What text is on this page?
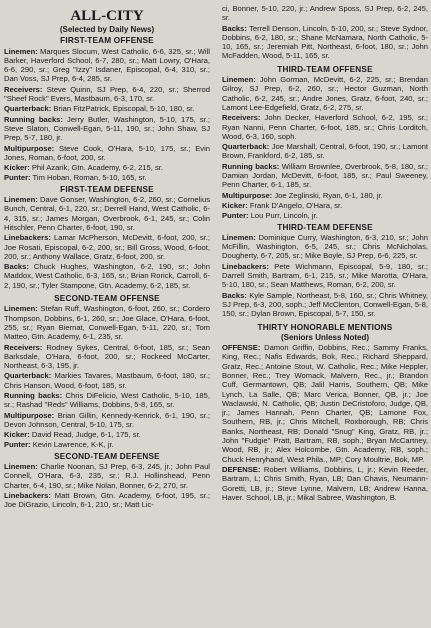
ALL-CITY
(Selected by Daily News)
FIRST-TEAM OFFENSE

Linemen: Marques Slocum, West Catholic, 6-6, 325, sr.; Will Barker, Haverford School, 6-7, 280, sr.; Matt Lowry, O'Hara, 6-6, 290, sr.; Greg "Izzy" Isdaner, Episcopal, 6-4, 310, sr.; Dan Voss, SJ Prep, 6-4, 285, sr.

Receivers: Steve Quinn, SJ Prep, 6-4, 220, sr.; Sherrod "Sheef Rock" Evers, Mastbaum, 6-3, 170, sr.

Quarterback: Brian FitzPatrick, Episcopal, 5-10, 180, sr.

Running backs: Jerry Butler, Washington, 5-10, 175, sr.; Steve Slaton, Conwell-Egan, 5-11, 190, sr.; John Shaw, SJ Prep, 5-7, 180, jr.

Multipurpose: Steve Cook, O'Hara, 5-10, 175, sr.; Evin Jones, Roman, 6-foot, 200, sr.

Kicker: Phil Azarik, Gtn. Academy, 6-2, 215, sr.

Punter: Tim Hoban, Roman, 5-10, 165, sr.

FIRST-TEAM DEFENSE

Linemen: Dave Gonser, Washington, 6-2, 260, sr.; Cornelius Bunch, Central, 6-1, 220, sr.; Derrell Hand, West Catholic, 6-4, 315, sr.; James Morgan, Overbrook, 6-1, 245, sr.; Colin Hitschler, Penn Charter, 6-foot, 190, sr.

Linebackers: Lamar McPherson, McDevitt, 6-foot, 200, sr.; Joe Rosati, Episcopal, 6-2, 200, sr.; Bill Gross, Wood, 6-foot, 200, sr.; Anthony Wallace, Gratz, 6-foot, 200, sr.

Backs: Chuck Hughes, Washington, 6-2, 190, sr.; John Maddox, West Catholic, 6-3, 165, sr.; Brian Rorick, Carroll, 6-2, 190, sr.; Tyler Stampone, Gtn. Academy, 6-2, 185, sr.

SECOND-TEAM OFFENSE

Linemen: Stefan Ruff, Washington, 6-foot, 260, sr.; Cordero Thompson, Dobbins, 6-1, 260, sr.; Joe Glace, O'Hara, 6-foot, 255, sr.; Ryan Biernat, Conwell-Egan, 5-11, 220, sr.; Tom Matteo, Gtn. Academy, 6-1, 235, sr.

Receivers: Rodney Sykes, Central, 6-foot, 185, sr.; Sean Barksdale, O'Hara, 6-foot, 200, sr.; Rockeed McCarter, Northeast, 6-3, 195, jr.

Quarterback: Markies Tavares, Mastbaum, 6-foot, 180, sr.; Chris Hanson, Wood, 6-foot, 185, sr.

Running backs: Chris DiFelicio, West Catholic, 5-10, 185, sr.; Rashad "Reds" Williams, Dobbins, 5-8, 165, sr.

Multipurpose: Brian Gillin, Kennedy-Kenrick, 6-1, 190, sr.; Devon Johnson, Central, 5-10, 175, sr.

Kicker: David Read, Judge, 6-1, 175, sr.

Punter: Kevin Lawrence, K-K, jr.

SECOND-TEAM DEFENSE

Linemen: Charlie Noonan, SJ Prep, 6-3, 245, jr.; John Paul Connell, O'Hara, 6-3, 235, sr.; R.J. Hollinshead, Penn Charter, 6-4, 190, sr.; Mike Nolan, Bonner, 6-2, 270, sr.

Linebackers: Matt Brown, Gtn. Academy, 6-foot, 195, sr.; Joe DiGrazio, Lincoln, 6-1, 210, sr.; Matt Lic-

ci, Bonner, 5-10, 220, jr.; Andrew Sposs, SJ Prep, 6-2, 245, sr.

Backs: Terrell Denson, Lincoln, 5-10, 200, sr.; Steve Sydnor, Dobbins, 6-2, 180, sr.; Shane McNamara, North Catholic, 5-10, 165, sr.; Jeremiah Pitt, Northeast, 6-foot, 180, sr.; John McFadden, Wood, 5-11, 165, sr.

THIRD-TEAM OFFENSE

Linemen: John Gorman, McDevitt, 6-2, 225, sr.; Brendan Gilroy, SJ Prep, 6-2, 260, sr.; Hector Guzman, North Catholic, 6-2, 245, sr.; Andre Jones, Gratz, 6-foot, 240, sr.; Lamont Lee-Edgefield, Gratz, 6-2, 275, sr.

Receivers: John Decker, Haverford School, 6-2, 195, sr.; Ryan Nanni, Penn Charter, 6-foot, 185, sr.; Chris Lorditch, Wood, 6-3, 160, soph.

Quarterback: Joe Marshall, Central, 6-foot, 190, sr.; Lamont Brown, Frankford, 6-2, 185, sr.

Running backs: William Brownlee, Overbrook, 5-8, 180, sr.; Damian Jordan, McDevitt, 6-foot, 185, sr.; Paul Sweeney, Penn Charter, 6-1, 185, sr.

Multipurpose: Joe Zeglinski, Ryan, 6-1, 180, jr.

Kicker: Frank D'Angelo, O'Hara, sr.

Punter: Lou Purr, Lincoln, jr.

THIRD-TEAM DEFENSE

Linemen: Dominique Curry, Washington, 6-3, 210, sr.; John McFillin, Washington, 6-5, 245, sr.; Chris McNicholas, Dougherty, 6-7, 205, sr.; Mike Boyle, SJ Prep, 6-6, 225, sr.

Linebackers: Pete Wichmann, Episcopal, 5-9, 180, sr.; Darrell Smith, Bartram, 6-1, 215, sr.; Mike Marotta, O'Hara, 5-10, 180, sr.; Sean Matthews, Roman, 6-2, 200, sr.

Backs: Kyle Sample, Northeast, 5-8, 160, sr.; Chris Whitney, SJ Prep, 6-3, 200, soph.; Jeff McClenton, Conwell-Egan, 5-8, 150, sr.; Dylan Brown, Episcopal, 5-7, 150, sr.

THIRTY HONORABLE MENTIONS
(Seniors Unless Noted)

OFFENSE: Damon Griffin, Dobbins, Rec.; Sammy Franks, King, Rec.; Nafis Edwards, Bok, Rec.; Richard Sheppard, Gratz, Rec.; Antoine Stout, W. Catholic, Rec.; Mike Heppler, Bonner, Rec.; Trey Womack, Malvern, Rec., jr.; Brandon Cuff, Germantown, QB; Jalil Harris, Southern, QB; Mike Lynch, La Salle, QB; Marc Verica, Bonner, QB, jr.; Joe Waclawski, N. Catholic, QB; Justin DeCristoforo, Judge, QB, jr.; James Hannah, Penn Charter, QB; Lamone Fox, Southern, RB, jr.; Chris Mitchell, Roxborough, RB; Chris Banks, Northeast, RB; Donald "Snug" King, Gratz, RB, jr.; John "Fudgie" Pratt, Bartram, RB, soph.; Bryan McCartney, Wood, RB, jr.; Alex Holcombe, Gtn. Academy, RB, soph.; Chuck Henryhand, West Phila., MP; Cory Moultrie, Bok, MP.

DEFENSE: Robert Williams, Dobbins, L, jr.; Kevin Reeder, Bartram, L; Chris Smith, Ryan, LB; Dan Chavis, Neumann-Goretti, LB, jr.; Steve Lynne, Malvern, LB; Andrew Hanna, Haver. School, LB, jr.; Mikal Sabree, Washington, B.
